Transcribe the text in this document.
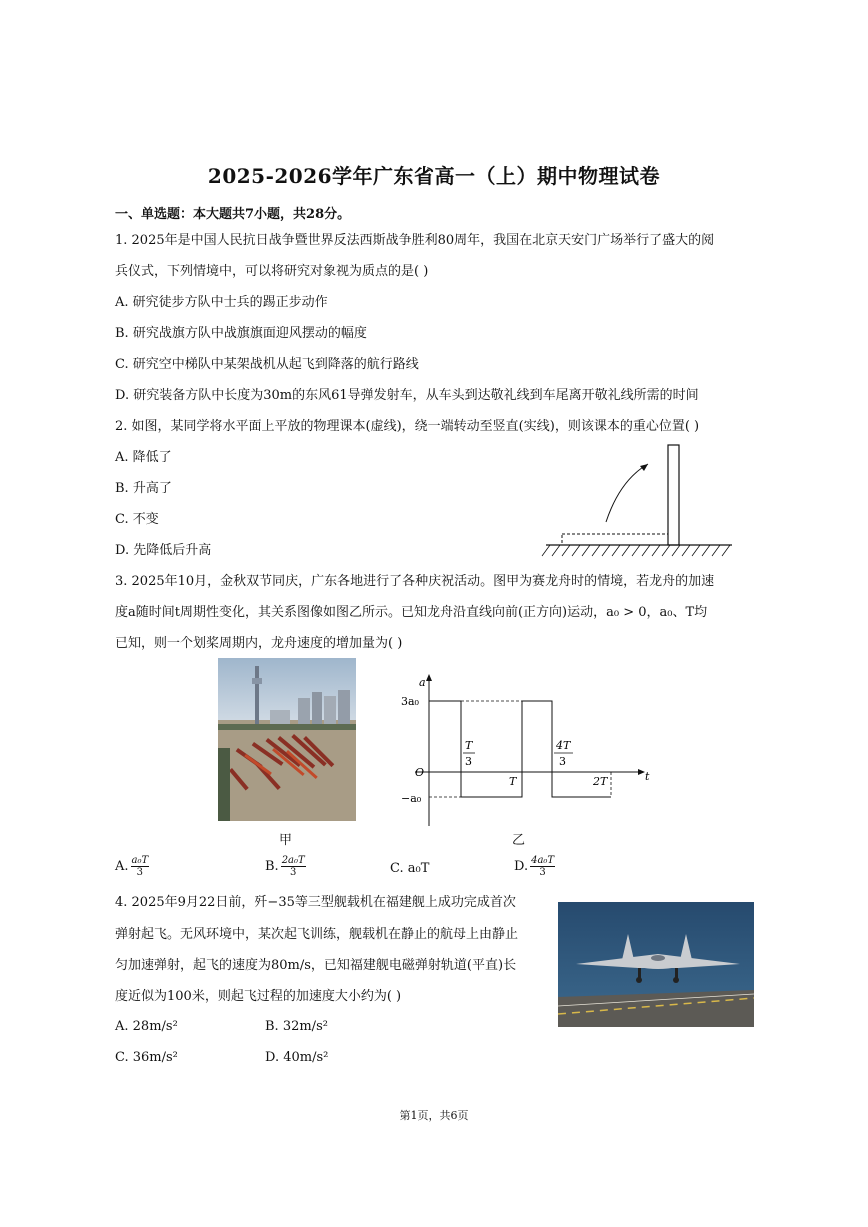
2025-2026学年广东省高一（上）期中物理试卷
一、单选题：本大题共7小题，共28分。
1. 2025年是中国人民抗日战争暨世界反法西斯战争胜利80周年，我国在北京天安门广场举行了盛大的阅
兵仪式，下列情境中，可以将研究对象视为质点的是( )
A. 研究徒步方队中士兵的踢正步动作
B. 研究战旗方队中战旗旗面迎风摆动的幅度
C. 研究空中梯队中某架战机从起飞到降落的航行路线
D. 研究装备方队中长度为30m的东风61导弹发射车，从车头到达敬礼线到车尾离开敬礼线所需的时间
2. 如图，某同学将水平面上平放的物理课本(虚线)，绕一端转动至竖直(实线)，则该课本的重心位置( )
A. 降低了
B. 升高了
C. 不变
D. 先降低后升高
3. 2025年10月，金秋双节同庆，广东各地进行了各种庆祝活动。图甲为赛龙舟时的情境，若龙舟的加速
度a随时间t周期性变化，其关系图像如图乙所示。已知龙舟沿直线向前(正方向)运动，a₀ > 0，a₀、T均
已知，则一个划桨周期内，龙舟速度的增加量为( )
甲
a
t
O
3a₀
−a₀
T
3
T
4T
3
2T
乙
A. $\frac{\text{a₀T}}{3}$	B. $\frac{\text{2a₀T}}{3}$	C. a₀T	D. $\frac{\text{4a₀T}}{3}$
4. 2025年9月22日前，歼−35等三型舰载机在福建舰上成功完成首次
弹射起飞。无风环境中，某次起飞训练，舰载机在静止的航母上由静止
匀加速弹射，起飞的速度为80m/s，已知福建舰电磁弹射轨道(平直)长
度近似为100米，则起飞过程的加速度大小约为( )
A. 28m/s²	B. 32m/s²
C. 36m/s²	D. 40m/s²
第1页，共6页
